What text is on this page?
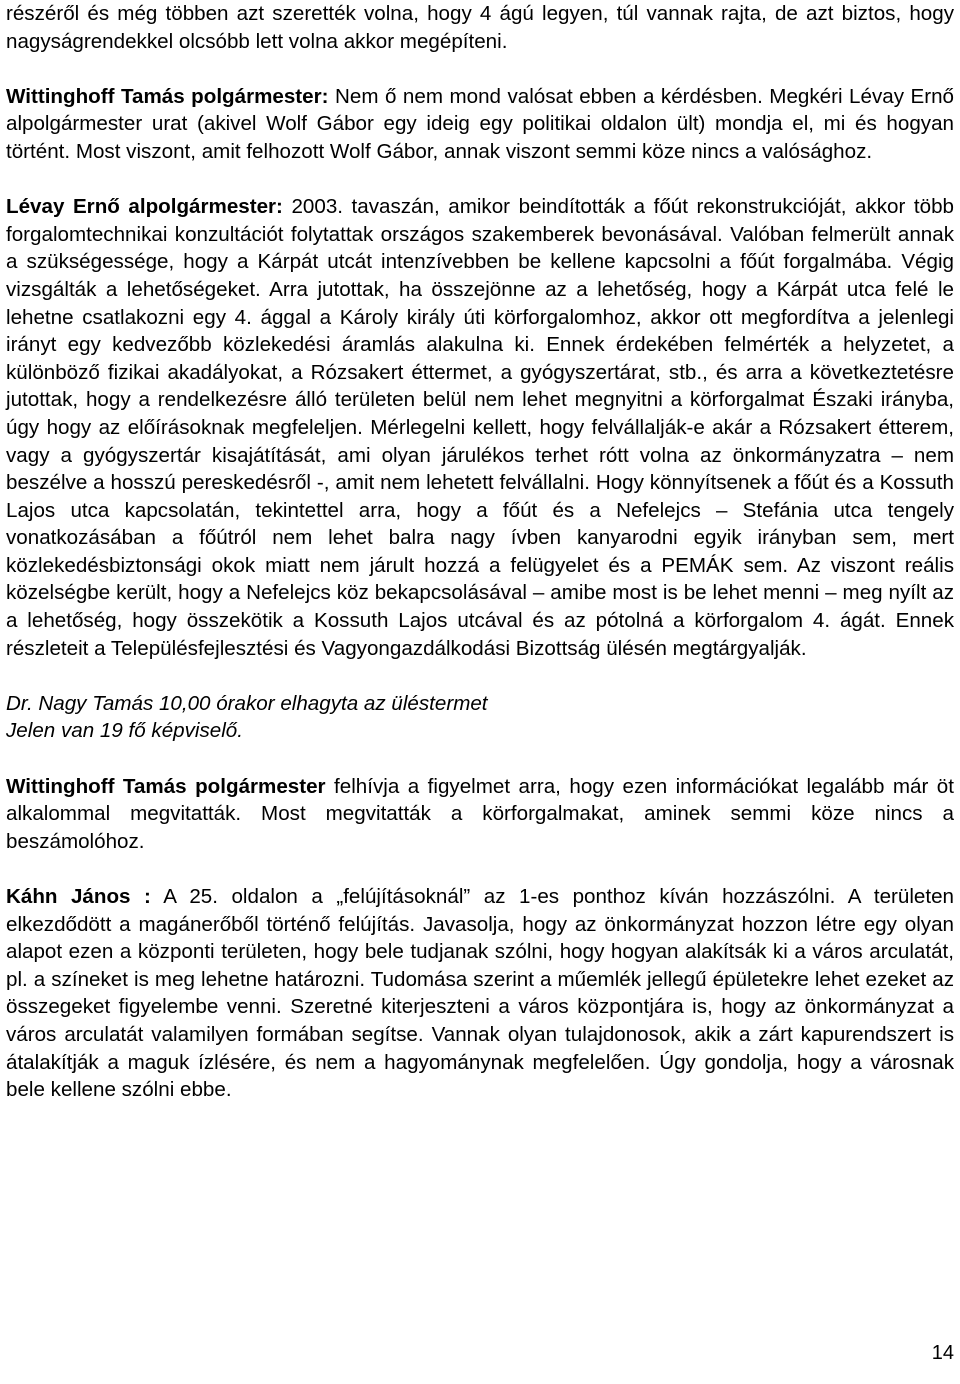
részéről és még többen azt szerették volna, hogy 4 ágú legyen, túl vannak rajta, de azt biztos, hogy nagyságrendekkel olcsóbb lett volna akkor megépíteni.

Wittinghoff Tamás polgármester: Nem ő nem mond valósat ebben a kérdésben. Megkéri Lévay Ernő alpolgármester urat (akivel Wolf Gábor egy ideig egy politikai oldalon ült) mondja el, mi és hogyan történt. Most viszont, amit felhozott Wolf Gábor, annak viszont semmi köze nincs a valósághoz.

Lévay Ernő alpolgármester: 2003. tavaszán, amikor beindították a főút rekonstrukcióját, akkor több forgalomtechnikai konzultációt folytattak országos szakemberek bevonásával. Valóban felmerült annak a szükségessége, hogy a Kárpát utcát intenzívebben be kellene kapcsolni a főút forgalmába. Végig vizsgálták a lehetőségeket. Arra jutottak, ha összejönne az a lehetőség, hogy a Kárpát utca felé le lehetne csatlakozni egy 4. ággal a Károly király úti körforgalomhoz, akkor ott megfordítva a jelenlegi irányt egy kedvezőbb közlekedési áramlás alakulna ki. Ennek érdekében felmérték a helyzetet, a különböző fizikai akadályokat, a Rózsakert éttermet, a gyógyszertárat, stb., és arra a következtetésre jutottak, hogy a rendelkezésre álló területen belül nem lehet megnyitni a körforgalmat Északi irányba, úgy hogy az előírásoknak megfeleljen. Mérlegelni kellett, hogy felvállalják-e akár a Rózsakert étterem, vagy a gyógyszertár kisajátítását, ami olyan járulékos terhet rótt volna az önkormányzatra – nem beszélve a hosszú pereskedésről -, amit nem lehetett felvállalni. Hogy könnyítsenek a főút és a Kossuth Lajos utca kapcsolatán, tekintettel arra, hogy a főút és a Nefelejcs – Stefánia utca tengely vonatkozásában a főútról nem lehet balra nagy ívben kanyarodni egyik irányban sem, mert közlekedésbiztonsági okok miatt nem járult hozzá a felügyelet és a PEMÁK sem. Az viszont reális közelségbe került, hogy a Nefelejcs köz bekapcsolásával – amibe most is be lehet menni – meg nyílt az a lehetőség, hogy összekötik a Kossuth Lajos utcával és az pótolná a körforgalom 4. ágát. Ennek részleteit a Településfejlesztési és Vagyongazdálkodási Bizottság ülésén megtárgyalják.

Dr. Nagy Tamás 10,00 órakor elhagyta az üléstermet

Jelen van 19 fő képviselő.

Wittinghoff Tamás polgármester felhívja a figyelmet arra, hogy ezen információkat legalább már öt alkalommal megvitatták. Most megvitatták a körforgalmakat, aminek semmi köze nincs a beszámolóhoz.

Káhn János : A 25. oldalon a „felújításoknál” az 1-es ponthoz kíván hozzászólni. A területen elkezdődött a magánerőből történő felújítás. Javasolja, hogy az önkormányzat hozzon létre egy olyan alapot ezen a központi területen, hogy bele tudjanak szólni, hogy hogyan alakítsák ki a város arculatát, pl. a színeket is meg lehetne határozni. Tudomása szerint a műemlék jellegű épületekre lehet ezeket az összegeket figyelembe venni. Szeretné kiterjeszteni a város központjára is, hogy az önkormányzat a város arculatát valamilyen formában segítse. Vannak olyan tulajdonosok, akik a zárt kapurendszert is átalakítják a maguk ízlésére, és nem a hagyománynak megfelelően. Úgy gondolja, hogy a városnak bele kellene szólni ebbe.

14
